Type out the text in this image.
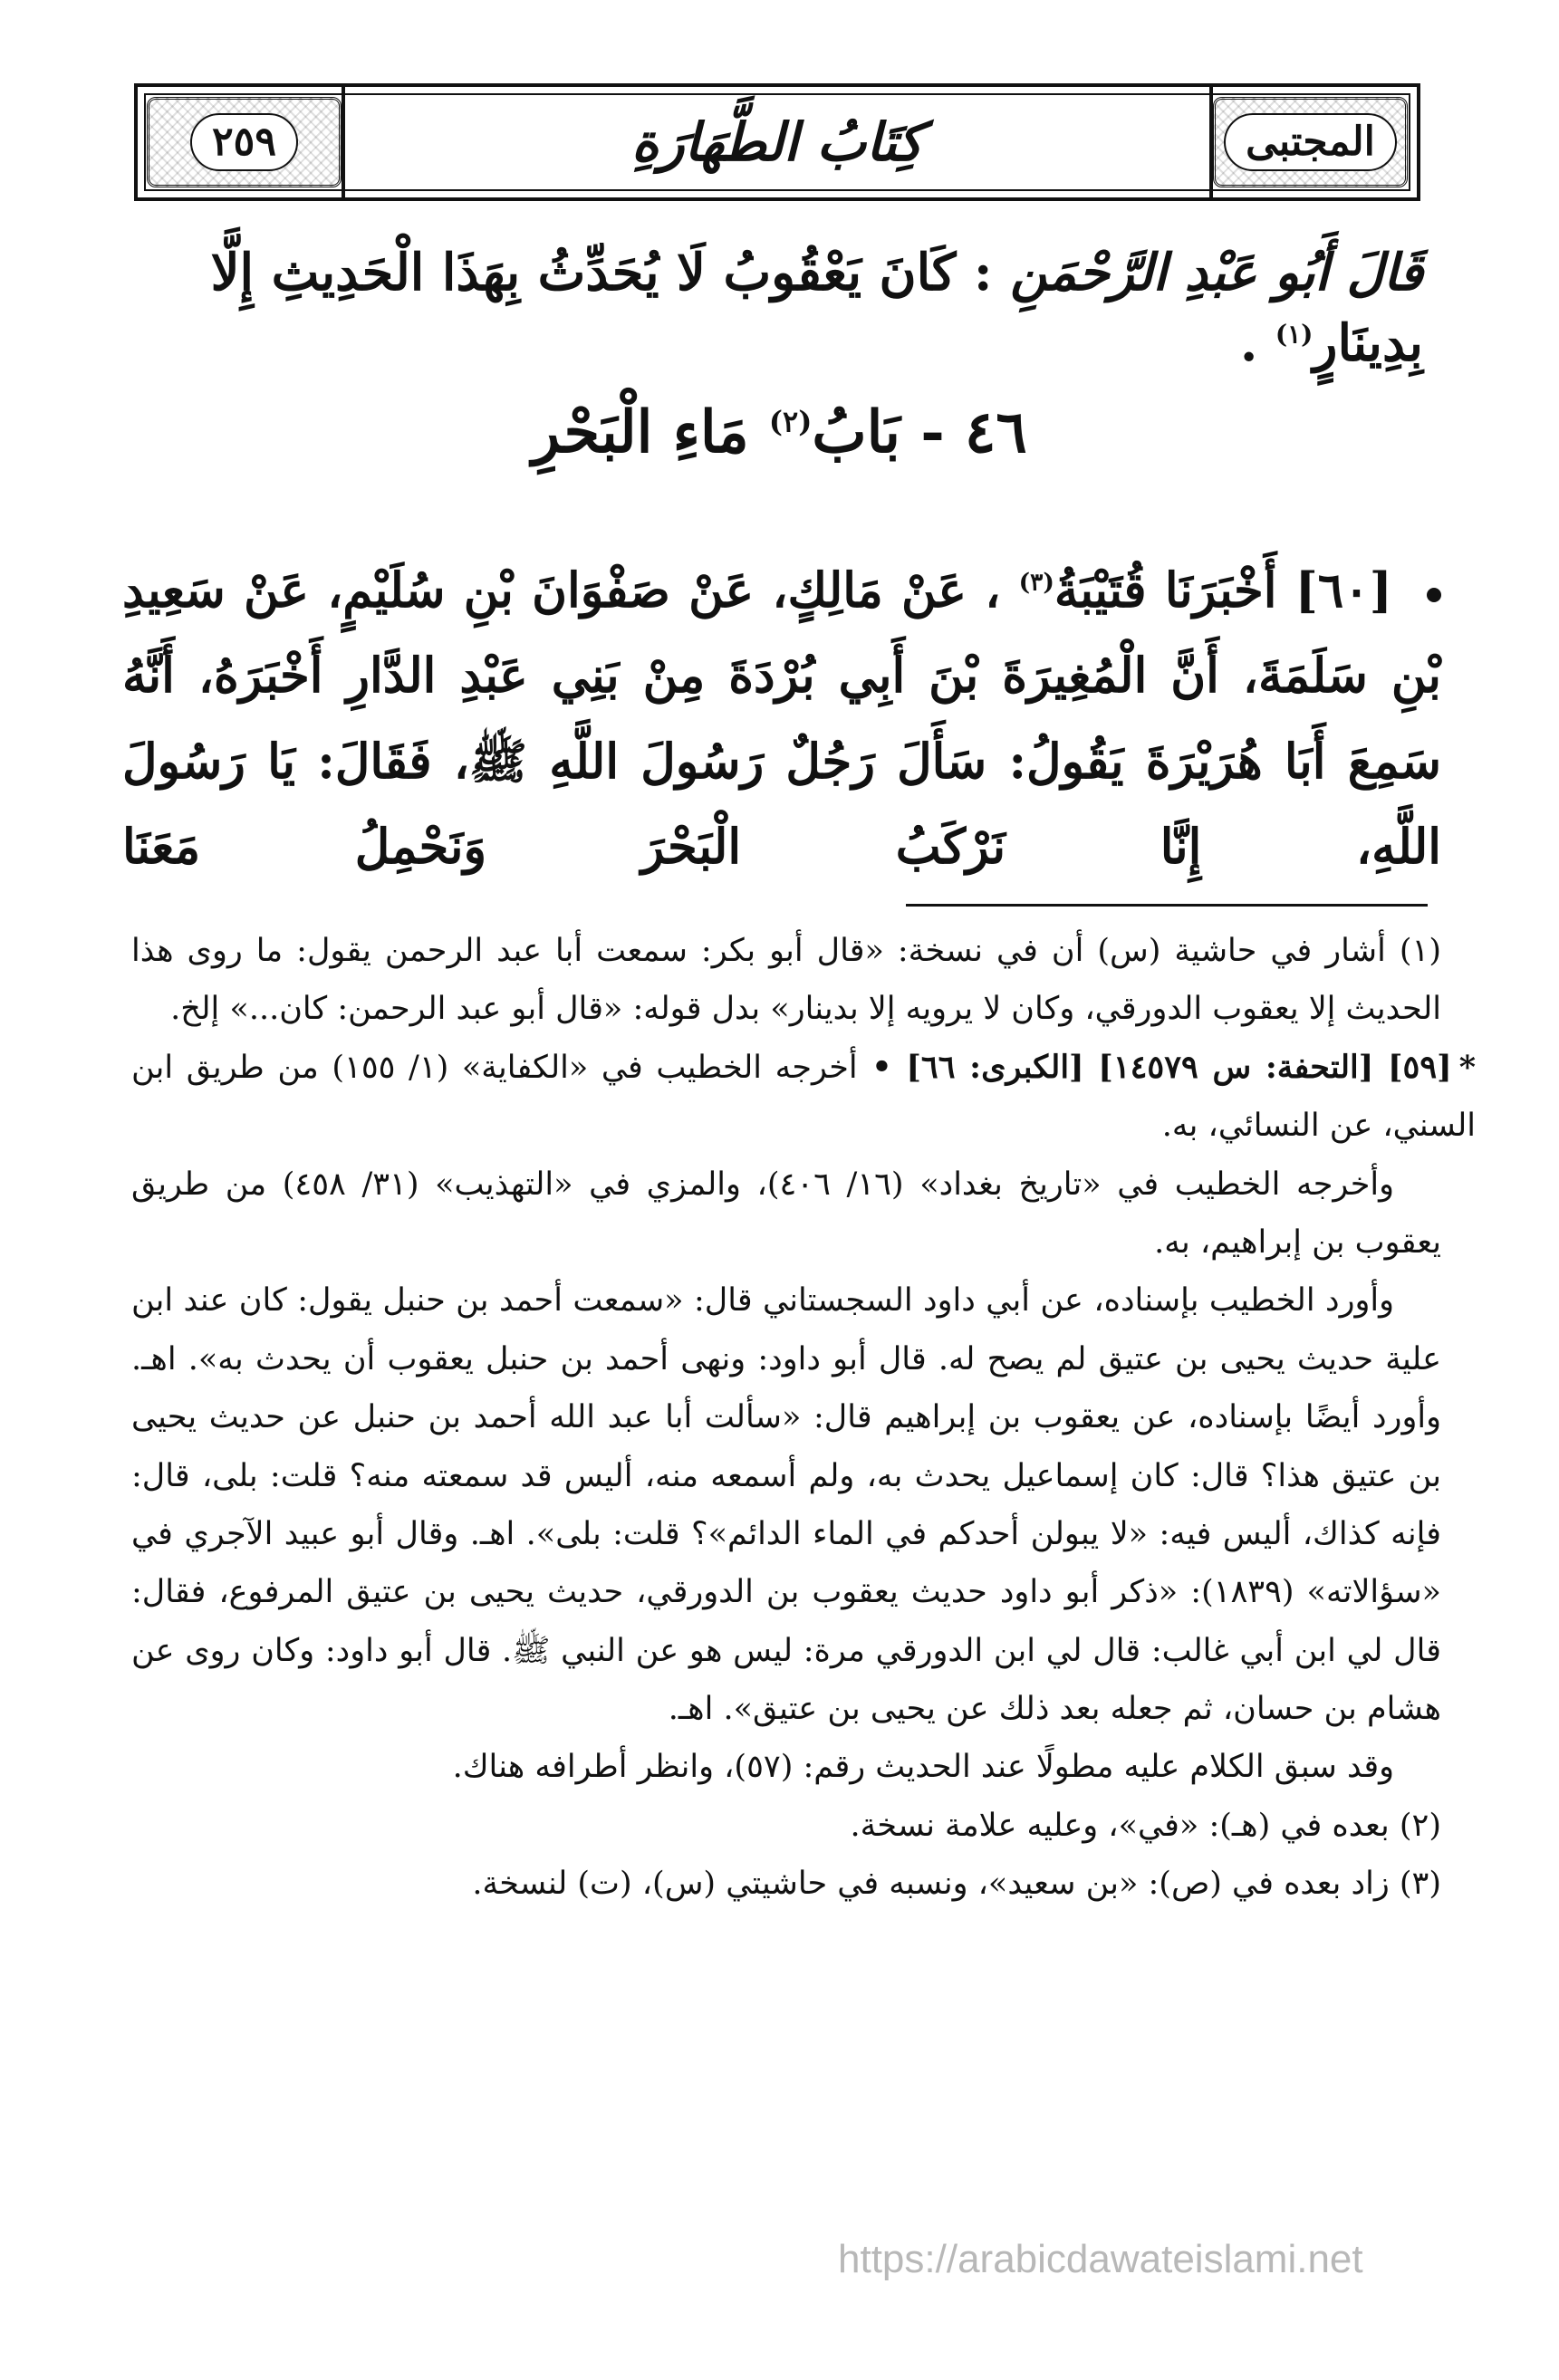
المجتبى
كِتَابُ الطَّهَارَةِ
٢٥٩
قَالَ أَبُو عَبْدِ الرَّحْمَنِ : كَانَ يَعْقُوبُ لَا يُحَدِّثُ بِهَذَا الْحَدِيثِ إِلَّا بِدِينَارٍ$^{(١)}$ .
٤٦ - بَابُ$^{(٢)}$ مَاءِ الْبَحْرِ
[٦٠] أَخْبَرَنَا قُتَيْبَةُ$^{(٣)}$ ، عَنْ مَالِكٍ، عَنْ صَفْوَانَ بْنِ سُلَيْمٍ، عَنْ سَعِيدِ بْنِ سَلَمَةَ، أَنَّ الْمُغِيرَةَ بْنَ أَبِي بُرْدَةَ مِنْ بَنِي عَبْدِ الدَّارِ أَخْبَرَهُ، أَنَّهُ سَمِعَ أَبَا هُرَيْرَةَ يَقُولُ: سَأَلَ رَجُلٌ رَسُولَ اللَّهِ ﷺ، فَقَالَ: يَا رَسُولَ اللَّهِ، إِنَّا نَرْكَبُ الْبَحْرَ وَنَحْمِلُ مَعَنَا

(١) أشار في حاشية (س) أن في نسخة: «قال أبو بكر: سمعت أبا عبد الرحمن يقول: ما روى هذا الحديث إلا يعقوب الدورقي، وكان لا يرويه إلا بدينار» بدل قوله: «قال أبو عبد الرحمن: كان...» إلخ.

*[٥٩] [التحفة: س ١٤٥٧٩] [الكبرى: ٦٦] • أخرجه الخطيب في «الكفاية» (١/ ١٥٥) من طريق ابن السني، عن النسائي، به.

وأخرجه الخطيب في «تاريخ بغداد» (١٦/ ٤٠٦)، والمزي في «التهذيب» (٣١/ ٤٥٨) من طريق يعقوب بن إبراهيم، به.

وأورد الخطيب بإسناده، عن أبي داود السجستاني قال: «سمعت أحمد بن حنبل يقول: كان عند ابن علية حديث يحيى بن عتيق لم يصح له. قال أبو داود: ونهى أحمد بن حنبل يعقوب أن يحدث به». اهـ. وأورد أيضًا بإسناده، عن يعقوب بن إبراهيم قال: «سألت أبا عبد الله أحمد بن حنبل عن حديث يحيى بن عتيق هذا؟ قال: كان إسماعيل يحدث به، ولم أسمعه منه، أليس قد سمعته منه؟ قلت: بلى، قال: فإنه كذاك، أليس فيه: «لا يبولن أحدكم في الماء الدائم»؟ قلت: بلى». اهـ. وقال أبو عبيد الآجري في «سؤالاته» (١٨٣٩): «ذكر أبو داود حديث يعقوب بن الدورقي، حديث يحيى بن عتيق المرفوع، فقال: قال لي ابن أبي غالب: قال لي ابن الدورقي مرة: ليس هو عن النبي ﷺ. قال أبو داود: وكان روى عن هشام بن حسان، ثم جعله بعد ذلك عن يحيى بن عتيق». اهـ.

وقد سبق الكلام عليه مطولًا عند الحديث رقم: (٥٧)، وانظر أطرافه هناك.

(٢) بعده في (هـ): «في»، وعليه علامة نسخة.

(٣) زاد بعده في (ص): «بن سعيد»، ونسبه في حاشيتي (س)، (ت) لنسخة.

https://arabicdawateislami.net
